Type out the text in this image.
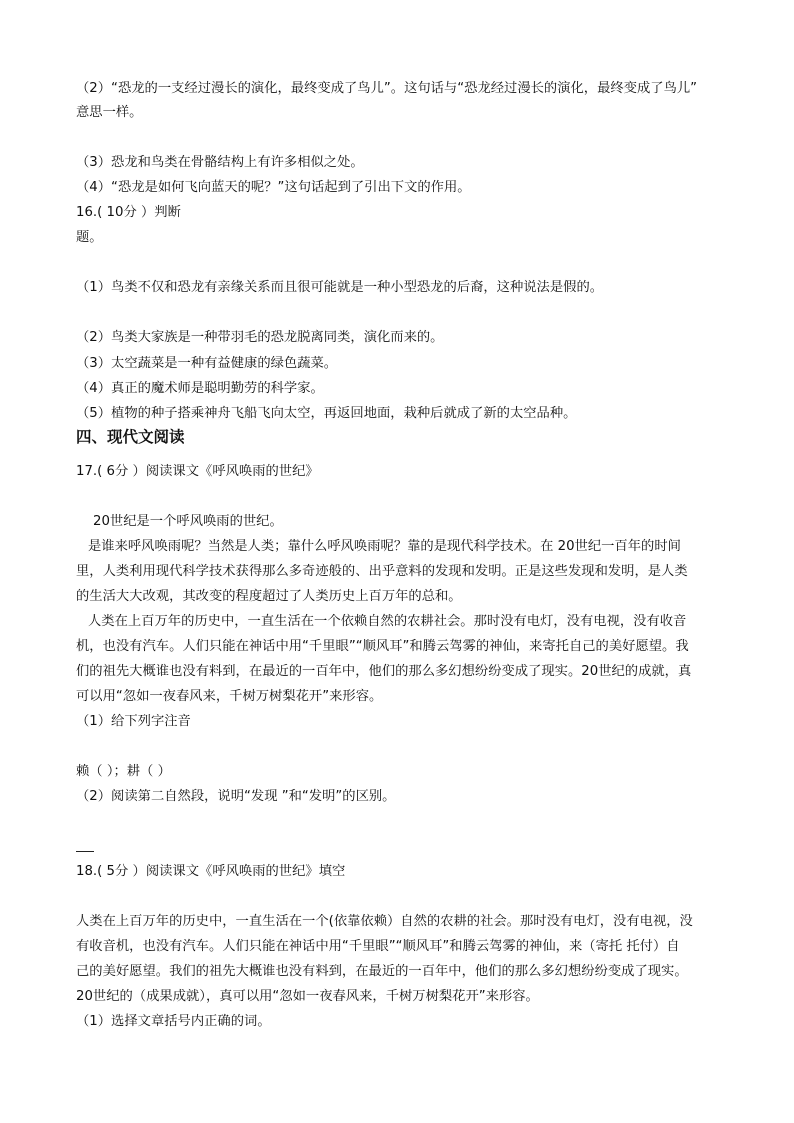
（2）“恐龙的一支经过漫长的演化，最终变成了鸟儿”。这句话与“恐龙经过漫长的演化，最终变成了鸟儿”
意思一样。
（3）恐龙和鸟类在骨骼结构上有许多相似之处。
（4）“恐龙是如何飞向蓝天的呢？”这句话起到了引出下文的作用。
16.( 10分 ）判断
题。
（1）鸟类不仅和恐龙有亲缘关系而且很可能就是一种小型恐龙的后裔，这种说法是假的。
（2）鸟类大家族是一种带羽毛的恐龙脱离同类，演化而来的。
（3）太空蔬菜是一种有益健康的绿色蔬菜。
（4）真正的魔术师是聪明勤劳的科学家。
（5）植物的种子搭乘神舟飞船飞向太空，再返回地面，栽种后就成了新的太空品种。
四、现代文阅读
17.( 6分 ）阅读课文《呼风唤雨的世纪》
20世纪是一个呼风唤雨的世纪。
是谁来呼风唤雨呢？当然是人类；靠什么呼风唤雨呢？靠的是现代科学技术。在 20世纪一百年的时间
里，人类利用现代科学技术获得那么多奇迹般的、出乎意料的发现和发明。正是这些发现和发明，是人类
的生活大大改观，其改变的程度超过了人类历史上百万年的总和。
人类在上百万年的历史中，一直生活在一个依赖自然的农耕社会。那时没有电灯，没有电视，没有收音
机，也没有汽车。人们只能在神话中用“千里眼”“顺风耳”和腾云驾雾的神仙，来寄托自己的美好愿望。我
们的祖先大概谁也没有料到，在最近的一百年中，他们的那么多幻想纷纷变成了现实。20世纪的成就，真
可以用“忽如一夜春风来，千树万树梨花开”来形容。
（1）给下列字注音
赖（ ）；耕（ ）
（2）阅读第二自然段，说明“发现 ”和“发明”的区别。
18.( 5分 ）阅读课文《呼风唤雨的世纪》填空
人类在上百万年的历史中，一直生活在一个(依靠依赖）自然的农耕的社会。那时没有电灯，没有电视，没
有收音机，也没有汽车。人们只能在神话中用“千里眼”“顺风耳”和腾云驾雾的神仙，来（寄托 托付）自
己的美好愿望。我们的祖先大概谁也没有料到，在最近的一百年中，他们的那么多幻想纷纷变成了现实。
20世纪的（成果成就），真可以用“忽如一夜春风来，千树万树梨花开”来形容。
（1）选择文章括号内正确的词。
